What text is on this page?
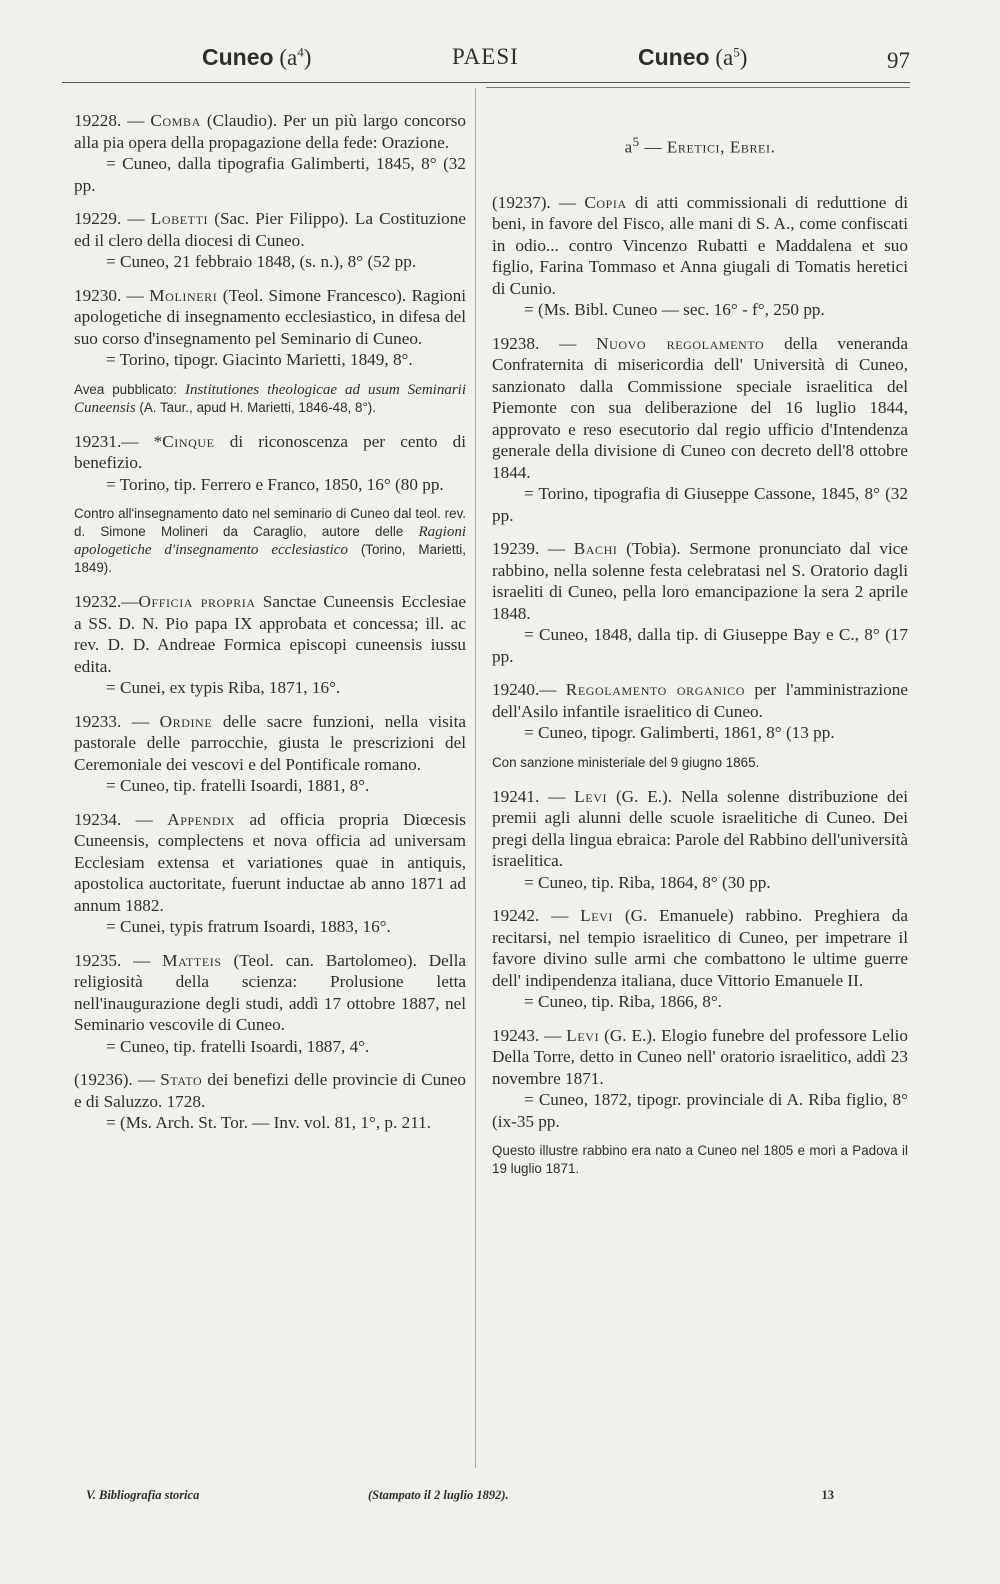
Cuneo $(a^4)$	PAESI	Cuneo $(a^5)$	97

19228. — Comba (Claudio). Per un più largo concorso alla pia opera della propagazione della fede: Orazione.
= Cuneo, dalla tipografia Galimberti, 1845, 8° (32 pp.

19229. — Lobetti (Sac. Pier Filippo). La Costituzione ed il clero della diocesi di Cuneo.
= Cuneo, 21 febbraio 1848, (s. n.), 8° (52 pp.

19230. — Molineri (Teol. Simone Francesco). Ragioni apologetiche di insegnamento ecclesiastico, in difesa del suo corso d'insegnamento pel Seminario di Cuneo.
= Torino, tipogr. Giacinto Marietti, 1849, 8°.

Avea pubblicato: Institutiones theologicae ad usum Seminarii Cuneensis (A. Taur., apud H. Marietti, 1846-48, 8°).

19231.— *Cinque di riconoscenza per cento di benefizio.
= Torino, tip. Ferrero e Franco, 1850, 16° (80 pp.

Contro all'insegnamento dato nel seminario di Cuneo dal teol. rev. d. Simone Molineri da Caraglio, autore delle Ragioni apologetiche d'insegnamento ecclesiastico (Torino, Marietti, 1849).

19232.—Officia propria Sanctae Cuneensis Ecclesiae a SS. D. N. Pio papa IX approbata et concessa; ill. ac rev. D. D. Andreae Formica episcopi cuneensis iussu edita.
= Cunei, ex typis Riba, 1871, 16°.

19233. — Ordine delle sacre funzioni, nella visita pastorale delle parrocchie, giusta le prescrizioni del Ceremoniale dei vescovi e del Pontificale romano.
= Cuneo, tip. fratelli Isoardi, 1881, 8°.

19234. — Appendix ad officia propria Diœcesis Cuneensis, complectens et nova officia ad universam Ecclesiam extensa et variationes quae in antiquis, apostolica auctoritate, fuerunt inductae ab anno 1871 ad annum 1882.
= Cunei, typis fratrum Isoardi, 1883, 16°.

19235. — Matteis (Teol. can. Bartolomeo). Della religiosità della scienza: Prolusione letta nell'inaugurazione degli studi, addì 17 ottobre 1887, nel Seminario vescovile di Cuneo.
= Cuneo, tip. fratelli Isoardi, 1887, 4°.

(19236). — Stato dei benefizi delle provincie di Cuneo e di Saluzzo. 1728.
= (Ms. Arch. St. Tor. — Inv. vol. 81, 1°, p. 211.

$a^5$ — Eretici, Ebrei.

(19237). — Copia di atti commissionali di reduttione di beni, in favore del Fisco, alle mani di S. A., come confiscati in odio... contro Vincenzo Rubatti e Maddalena et suo figlio, Farina Tommaso et Anna giugali di Tomatis heretici di Cunio.
= (Ms. Bibl. Cuneo — sec. 16° - f°, 250 pp.

19238. — Nuovo regolamento della veneranda Confraternita di misericordia dell' Università di Cuneo, sanzionato dalla Commissione speciale israelitica del Piemonte con sua deliberazione del 16 luglio 1844, approvato e reso esecutorio dal regio ufficio d'Intendenza generale della divisione di Cuneo con decreto dell'8 ottobre 1844.
= Torino, tipografia di Giuseppe Cassone, 1845, 8° (32 pp.

19239. — Bachi (Tobia). Sermone pronunciato dal vice rabbino, nella solenne festa celebratasi nel S. Oratorio dagli israeliti di Cuneo, pella loro emancipazione la sera 2 aprile 1848.
= Cuneo, 1848, dalla tip. di Giuseppe Bay e C., 8° (17 pp.

19240.— Regolamento organico per l'amministrazione dell'Asilo infantile israelitico di Cuneo.
= Cuneo, tipogr. Galimberti, 1861, 8° (13 pp.

Con sanzione ministeriale del 9 giugno 1865.

19241. — Levi (G. E.). Nella solenne distribuzione dei premii agli alunni delle scuole israelitiche di Cuneo. Dei pregi della lingua ebraica: Parole del Rabbino dell'università israelitica.
= Cuneo, tip. Riba, 1864, 8° (30 pp.

19242. — Levi (G. Emanuele) rabbino. Preghiera da recitarsi, nel tempio israelitico di Cuneo, per impetrare il favore divino sulle armi che combattono le ultime guerre dell' indipendenza italiana, duce Vittorio Emanuele II.
= Cuneo, tip. Riba, 1866, 8°.

19243. — Levi (G. E.). Elogio funebre del professore Lelio Della Torre, detto in Cuneo nell' oratorio israelitico, addì 23 novembre 1871.
= Cuneo, 1872, tipogr. provinciale di A. Riba figlio, 8° (ix-35 pp.

Questo illustre rabbino era nato a Cuneo nel 1805 e morì a Padova il 19 luglio 1871.

V. Bibliografia storica	(Stampato il 2 luglio 1892).	13
